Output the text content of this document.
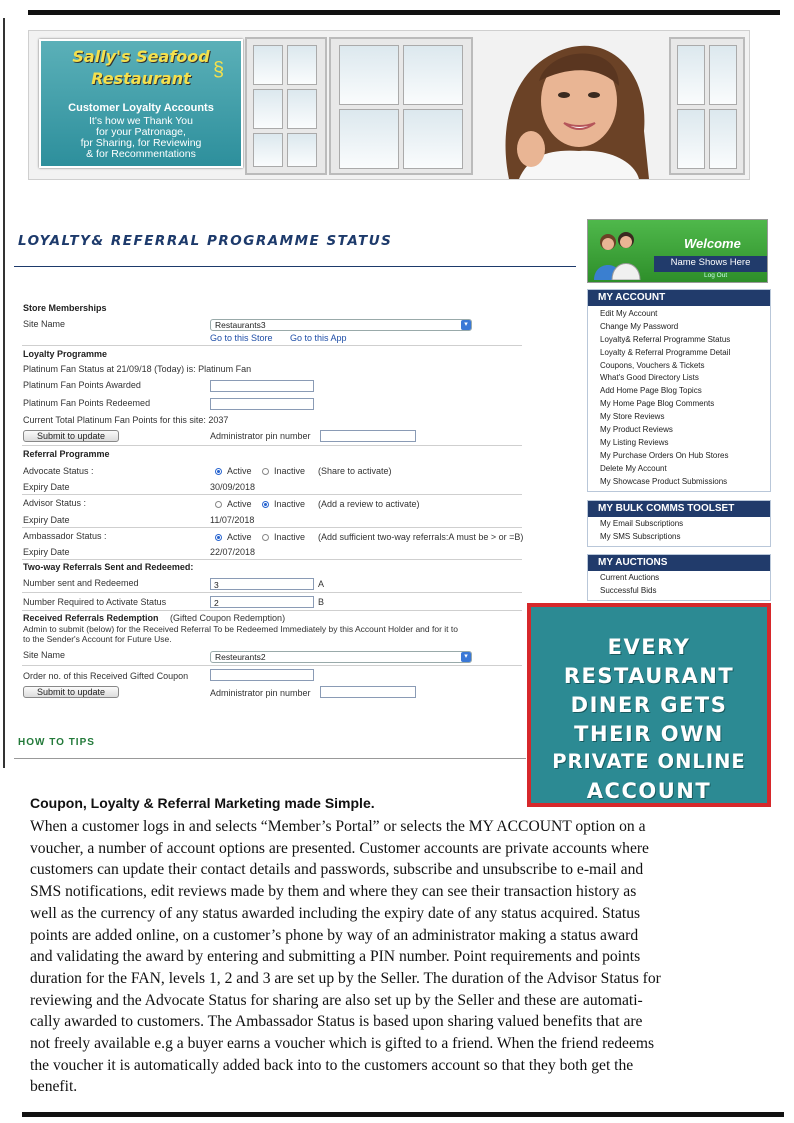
Sally's Seafood
Restaurant	§
Customer Loyalty Accounts
It's how we Thank You
for your Patronage,
fpr Sharing, for Reviewing
& for Recommentations
LOYALTY& REFERRAL PROGRAMME STATUS
Store Memberships
Site Name	Restaurants3	▾
Go to this Store Go to this App
Loyalty Programme
Platinum Fan Status at 21/09/18 (Today) is: Platinum Fan
Platinum Fan Points Awarded
Platinum Fan Points Redeemed
Current Total Platinum Fan Points for this site: 2037
Submit to update	Administrator pin number
Referral Programme
Advocate Status :	Active Inactive (Share to activate)
Expiry Date	30/09/2018
Advisor Status :	Active Inactive (Add a review to activate)
Expiry Date	11/07/2018
Ambassador Status :	Active Inactive (Add sufficient two-way referrals:A must be > or =B)
Expiry Date	22/07/2018
Two-way Referrals Sent and Redeemed:
Number sent and Redeemed	3	A
Number Required to Activate Status	2	B
Received Referrals Redemption (Gifted Coupon Redemption)
Admin to submit (below) for the Received Referral To be Redeemed Immediately by this Account Holder and for it to
to the Sender's Account for Future Use.
Site Name	Resteurants2	▾
Order no. of this Received Gifted Coupon
Submit to update	Administrator pin number
HOW TO TIPS
Welcome
Name Shows Here
Log Out
MY ACCOUNT
Edit My Account
Change My Password
Loyalty& Referral Programme Status
Loyalty & Referral Programme Detail
Coupons, Vouchers & Tickets
What's Good Directory Lists
Add Home Page Blog Topics
My Home Page Blog Comments
My Store Reviews
My Product Reviews
My Listing Reviews
My Purchase Orders On Hub Stores
Delete My Account
My Showcase Product Submissions
MY BULK COMMS TOOLSET
My Email Subscriptions
My SMS Subscriptions
MY AUCTIONS
Current Auctions
Successful Bids
EVERY
RESTAURANT
DINER GETS
THEIR OWN
PRIVATE ONLINE
ACCOUNT
Coupon, Loyalty & Referral Marketing made Simple.
When a customer logs in and selects “Member’s Portal” or selects the MY ACCOUNT option on a
voucher, a number of account options are presented. Customer accounts are private accounts where
customers can update their contact details and passwords, subscribe and unsubscribe to e-mail and
SMS notifications, edit reviews made by them and where they can see their transaction history as
well as the currency of any status awarded including the expiry date of any status acquired. Status
points are added online, on a customer’s phone by way of an administrator making a status award
and validating the award by entering and submitting a PIN number. Point requirements and points
duration for the FAN, levels 1, 2 and 3 are set up by the Seller. The duration of the Advisor Status for
reviewing and the Advocate Status for sharing are also set up by the Seller and these are automati-
cally awarded to customers. The Ambassador Status is based upon sharing valued benefits that are
not freely available e.g a buyer earns a voucher which is gifted to a friend. When the friend redeems
the voucher it is automatically added back into to the customers account so that they both get the
benefit.
